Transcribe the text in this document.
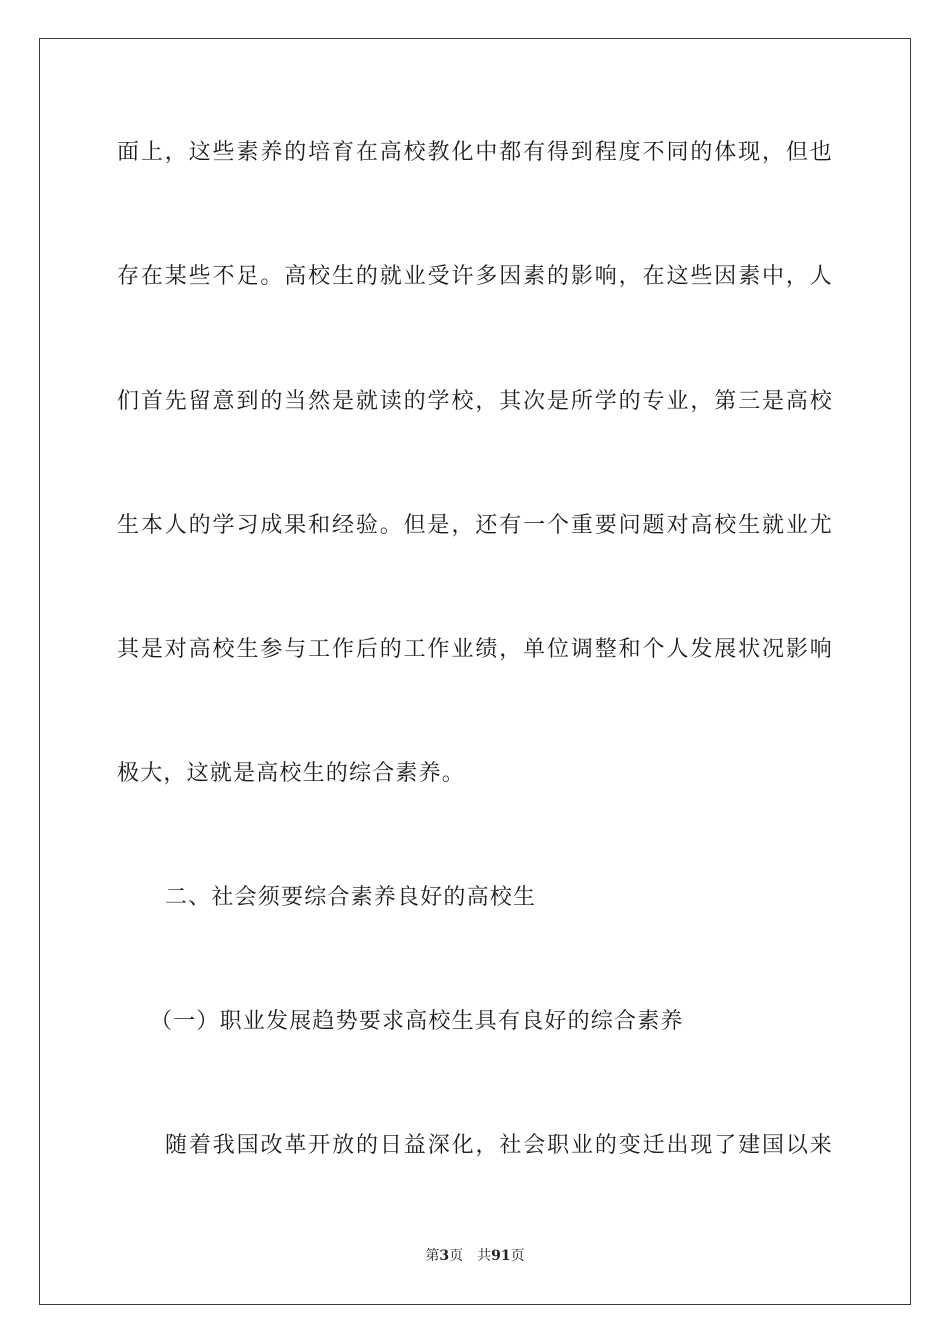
面上，这些素养的培育在高校教化中都有得到程度不同的体现，但也
存在某些不足。高校生的就业受许多因素的影响，在这些因素中，人
们首先留意到的当然是就读的学校，其次是所学的专业，第三是高校
生本人的学习成果和经验。但是，还有一个重要问题对高校生就业尤
其是对高校生参与工作后的工作业绩，单位调整和个人发展状况影响
极大，这就是高校生的综合素养。
二、社会须要综合素养良好的高校生
（一）职业发展趋势要求高校生具有良好的综合素养
随着我国改革开放的日益深化，社会职业的变迁出现了建国以来
第3页 共91页
